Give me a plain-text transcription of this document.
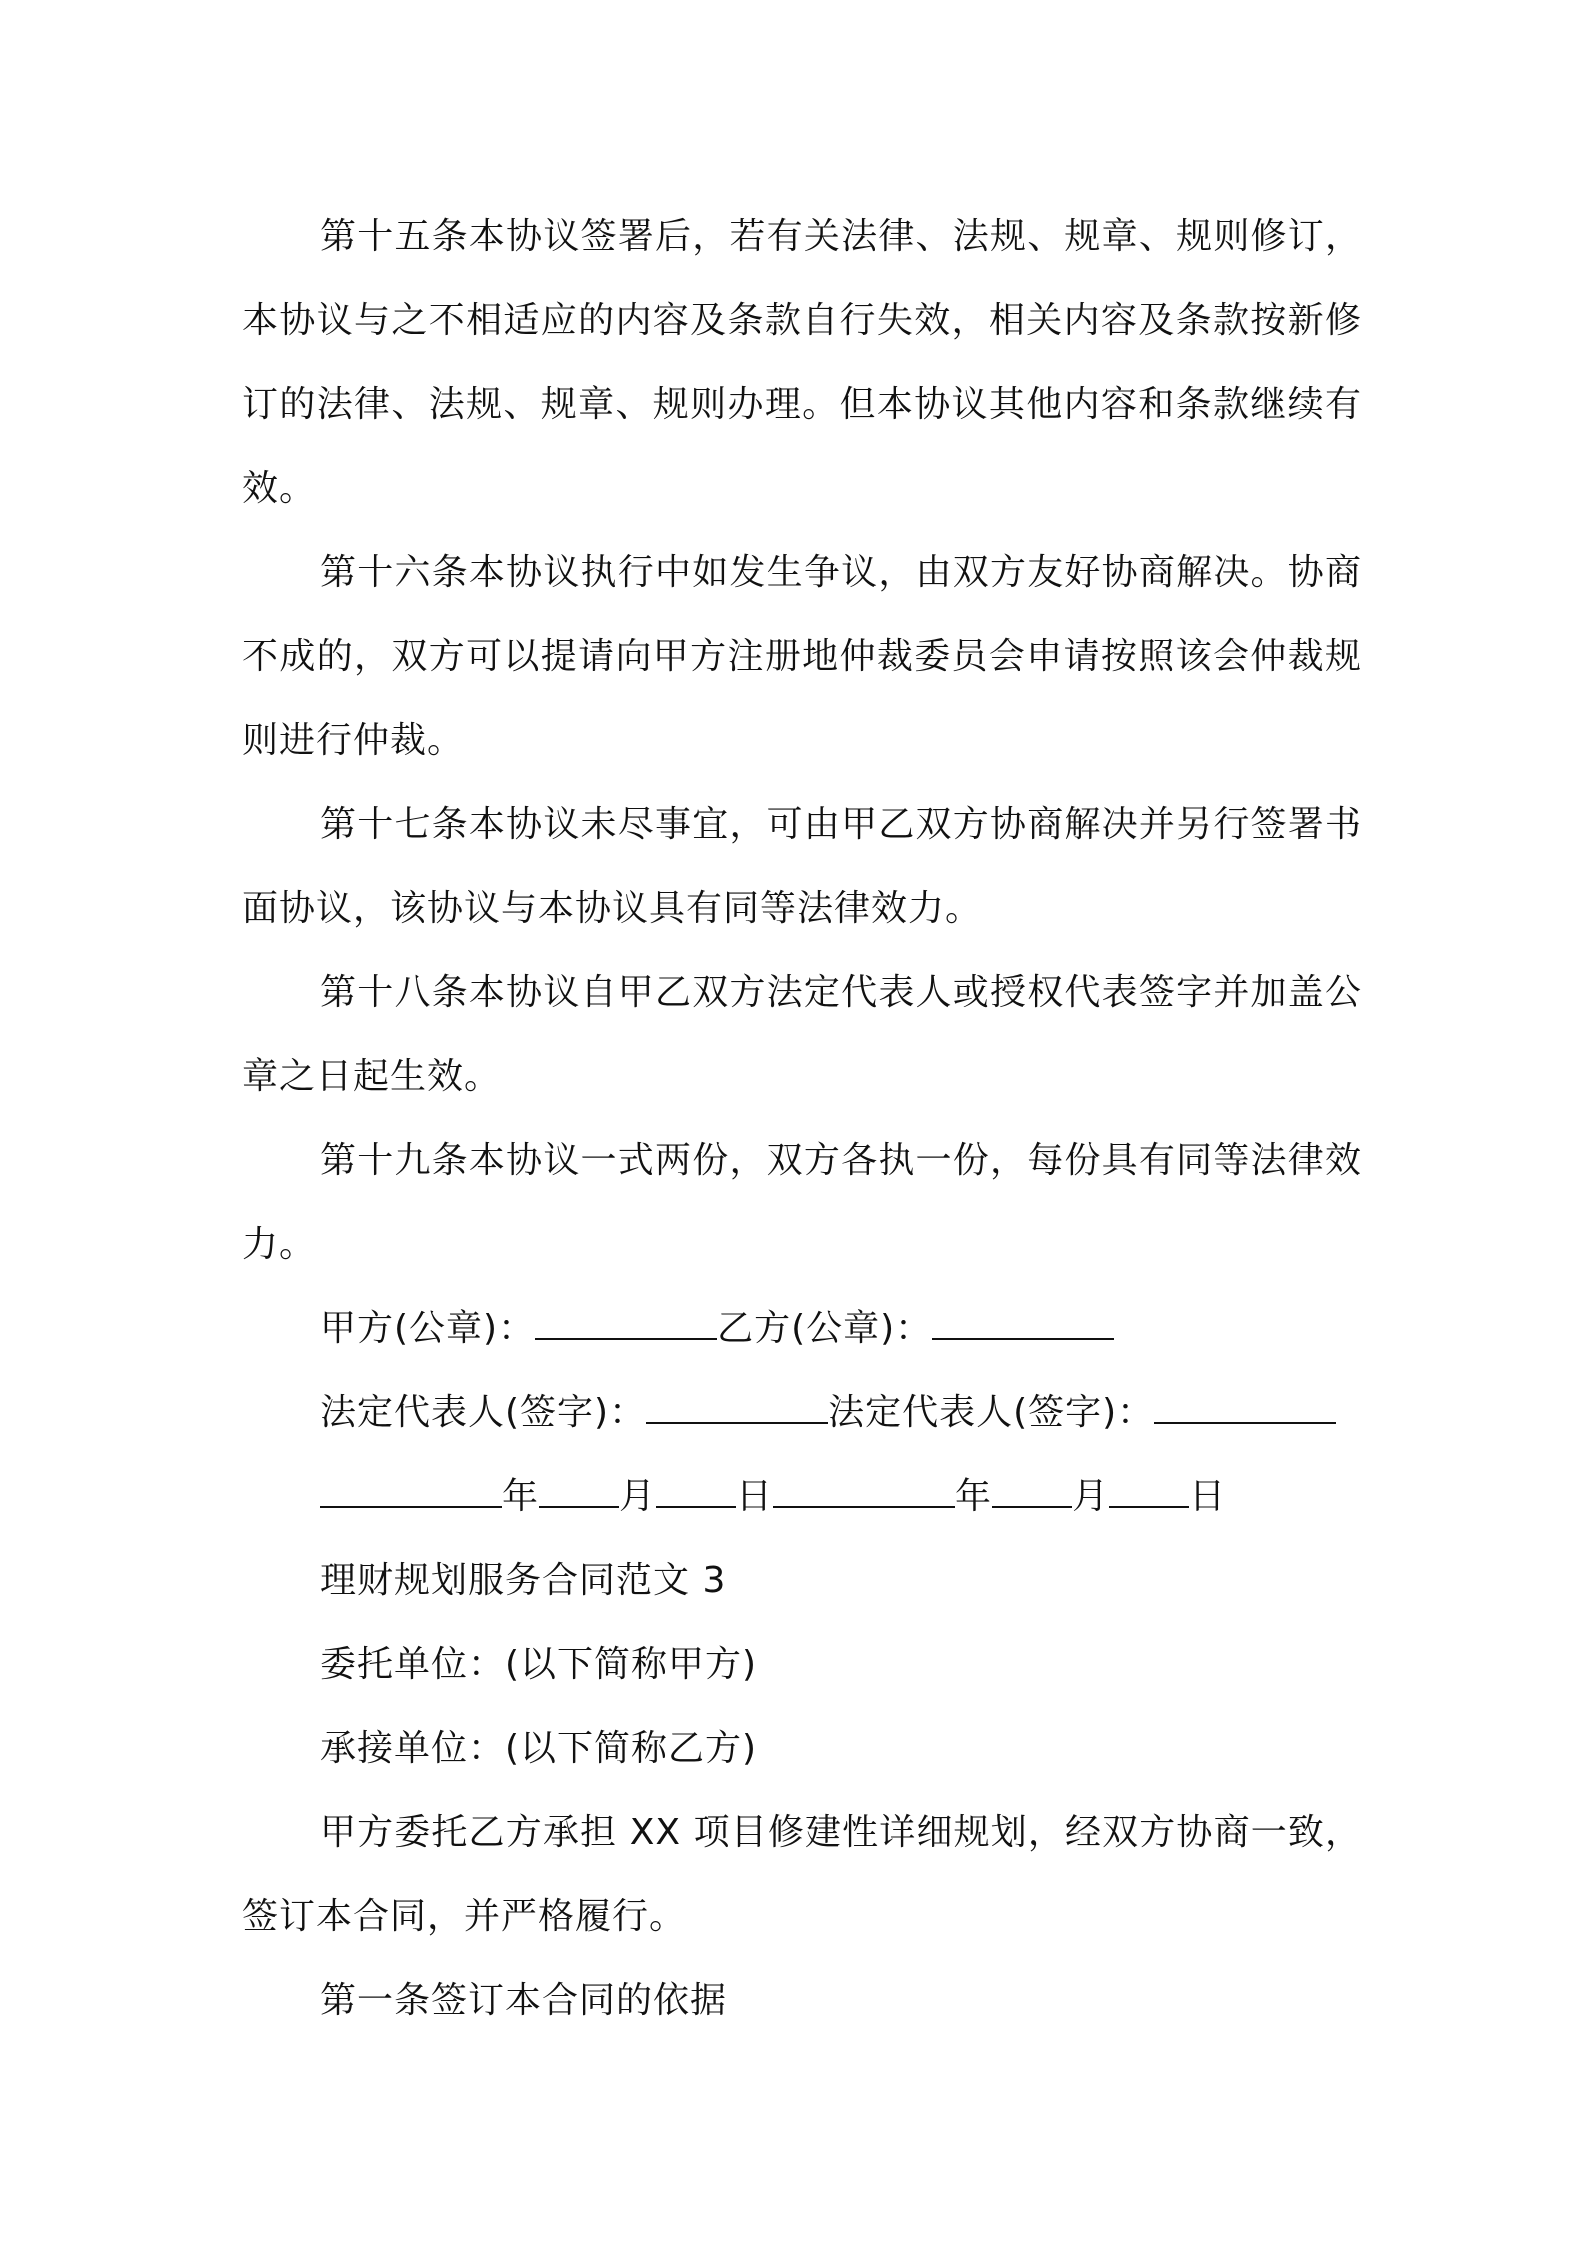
第十五条本协议签署后，若有关法律、法规、规章、规则修订，本协议与之不相适应的内容及条款自行失效，相关内容及条款按新修订的法律、法规、规章、规则办理。但本协议其他内容和条款继续有效。

第十六条本协议执行中如发生争议，由双方友好协商解决。协商不成的，双方可以提请向甲方注册地仲裁委员会申请按照该会仲裁规则进行仲裁。

第十七条本协议未尽事宜，可由甲乙双方协商解决并另行签署书面协议，该协议与本协议具有同等法律效力。

第十八条本协议自甲乙双方法定代表人或授权代表签字并加盖公章之日起生效。

第十九条本协议一式两份，双方各执一份，每份具有同等法律效力。

甲方(公章)：	乙方(公章)：

法定代表人(签字)：	法定代表人(签字)：

年 月 日	年 月 日

理财规划服务合同范文 3

委托单位：(以下简称甲方)

承接单位：(以下简称乙方)

甲方委托乙方承担 XX 项目修建性详细规划，经双方协商一致，签订本合同，并严格履行。

第一条签订本合同的依据
